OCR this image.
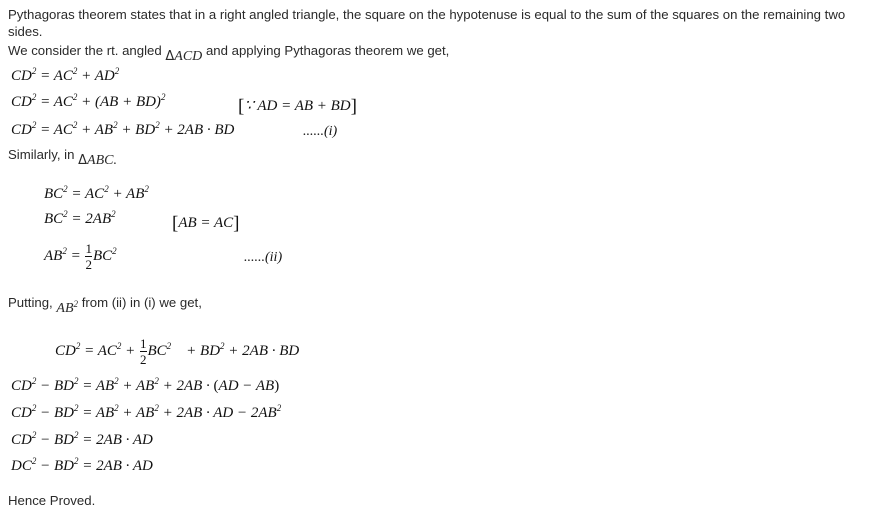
Pythagoras theorem states that in a right angled triangle, the square on the hypotenuse is equal to the sum of the squares on the remaining two sides.
We consider the rt. angled ΔACD and applying Pythagoras theorem we get,
$CD^2 = AC^2 + AD^2$
$CD^2 = AC^2 + (AB + BD)^2$	[∵ AD = AB + BD]
$CD^2 = AC^2 + AB^2 + BD^2 + 2AB$ · BD	......(i)
Similarly, in ΔABC.
$BC^2 = AC^2 + AB^2$
$BC^2 = 2AB^2$	[AB = AC]
$AB^2 = \frac{1}{2} BC^2$	......(ii)
Putting, $AB^2$ from (ii) in (i) we get,
$CD^2 = AC^2 + \frac{1}{2} BC^2$    + $BD^2 + 2AB$ · BD
$CD^2 - BD^2 = AB^2 + AB^2 + 2AB \cdot (AD - AB)$
$CD^2 - BD^2 = AB^2 + AB^2 + 2AB$ · AD − $2AB^2$
$CD^2 - BD^2 = 2AB$ · AD
$DC^2 - BD^2 = 2AB$ · AD
Hence Proved.
